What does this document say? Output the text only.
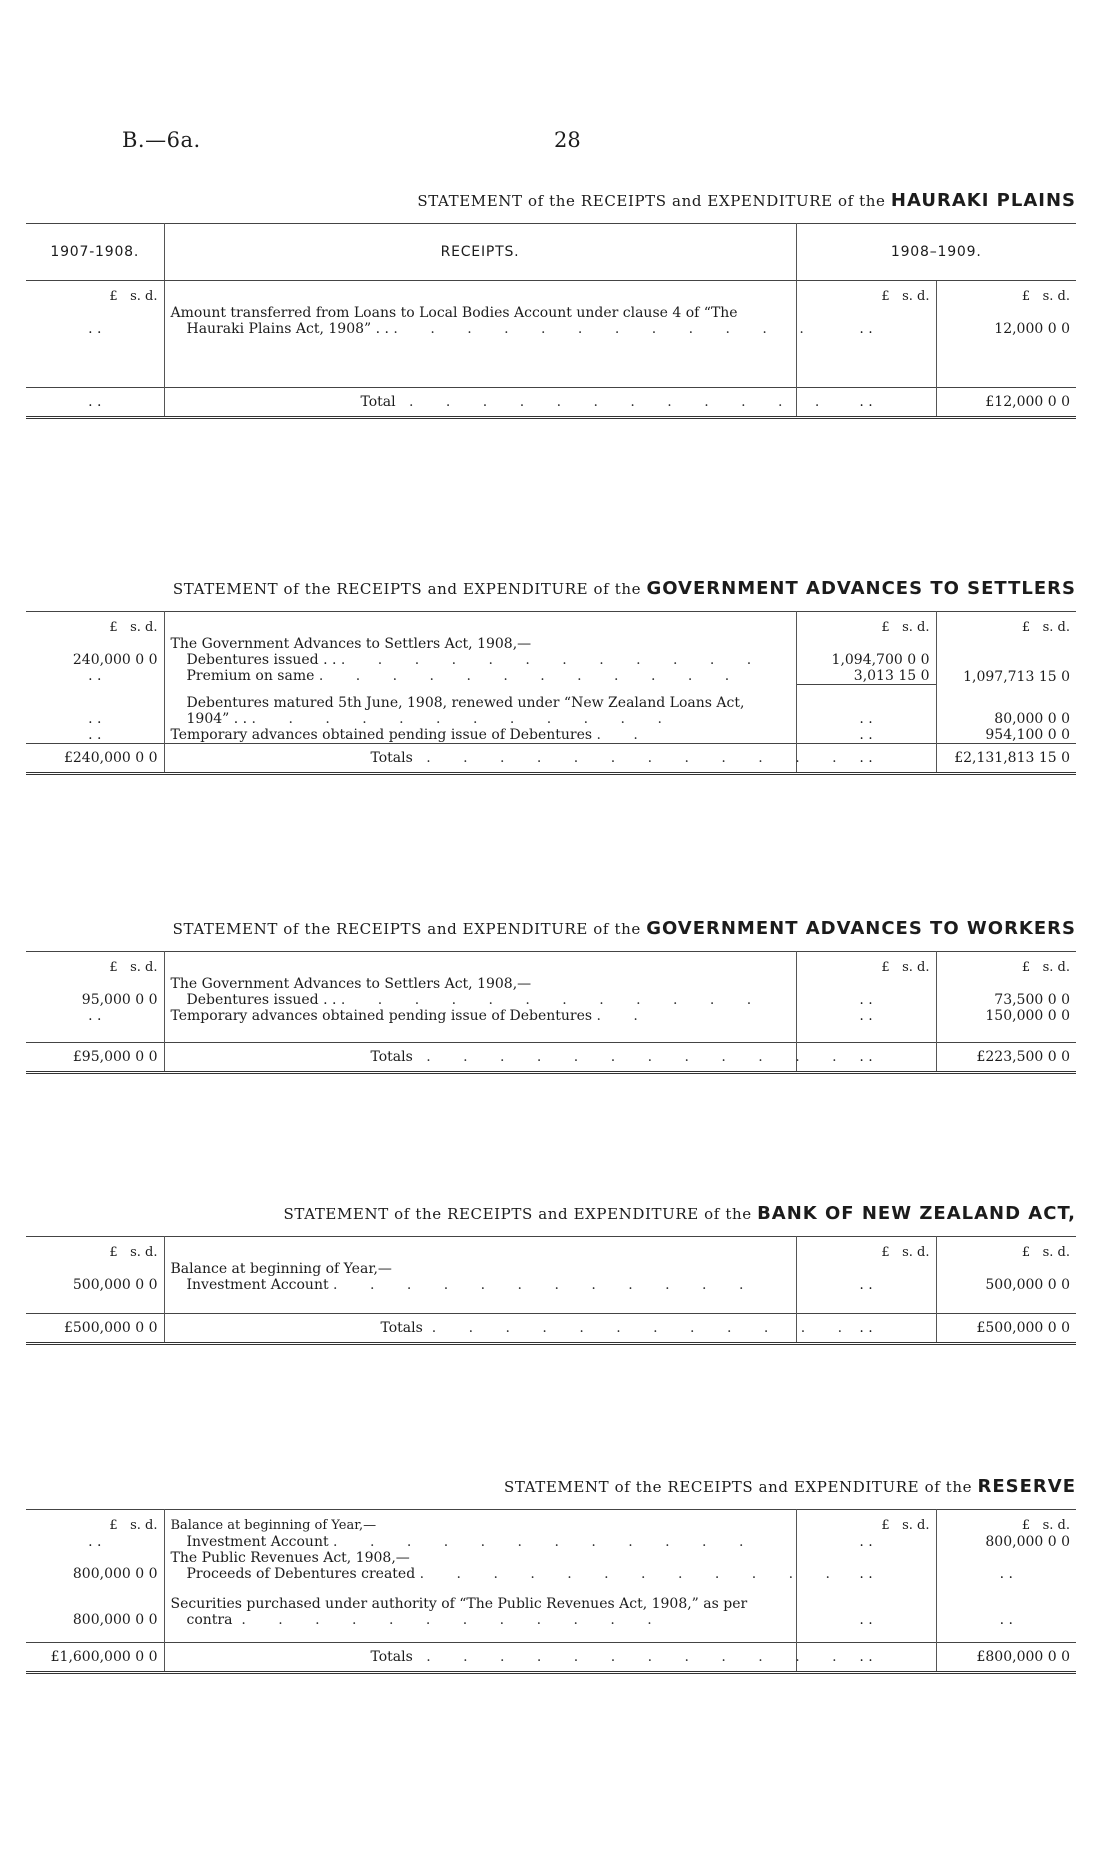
B.—6a.	28
STATEMENT of the RECEIPTS and EXPENDITURE of the HAURAKI PLAINS
1907-1908.	RECEIPTS.	1908–1909.	
£ s. d.		£ s. d.	£ s. d.
	Amount transferred from Loans to Local Bodies Account under clause 4 of “The		
. .	Hauraki Plains Act, 1908” . . . . . . . . . . . . . .	. .	12,000 0 0

. .	Total . . . . . . . . . . . .	. .	£12,000 0 0
STATEMENT of the RECEIPTS and EXPENDITURE of the GOVERNMENT ADVANCES TO SETTLERS
£ s. d.		£ s. d.	£ s. d.
	The Government Advances to Settlers Act, 1908,—		
240,000 0 0	Debentures issued . . . . . . . . . . . . . .	1,094,700 0 0	
. .	Premium on same . . . . . . . . . . . .	3,013 15 0	1,097,713 15 0
	Debentures matured 5th June, 1908, renewed under “New Zealand Loans Act,		
. .	1904” . . . . . . . . . . . . . .	. .	80,000 0 0
. .	Temporary advances obtained pending issue of Debentures . .	. .	954,100 0 0
£240,000 0 0	Totals . . . . . . . . . . . .	. .	£2,131,813 15 0
STATEMENT of the RECEIPTS and EXPENDITURE of the GOVERNMENT ADVANCES TO WORKERS
£ s. d.		£ s. d.	£ s. d.
	The Government Advances to Settlers Act, 1908,—		
95,000 0 0	Debentures issued . . . . . . . . . . . . . .	. .	73,500 0 0
. .	Temporary advances obtained pending issue of Debentures . .	. .	150,000 0 0

£95,000 0 0	Totals . . . . . . . . . . . .	. .	£223,500 0 0
STATEMENT of the RECEIPTS and EXPENDITURE of the BANK OF NEW ZEALAND ACT,
£ s. d.		£ s. d.	£ s. d.
	Balance at beginning of Year,—		
500,000 0 0	Investment Account . . . . . . . . . . . .	. .	500,000 0 0

£500,000 0 0	Totals . . . . . . . . . . . .	. .	£500,000 0 0
STATEMENT of the RECEIPTS and EXPENDITURE of the RESERVE
£ s. d.	Balance at beginning of Year,—	£ s. d.	£ s. d.
. .	Investment Account . . . . . . . . . . . .	. .	800,000 0 0
	The Public Revenues Act, 1908,—		
800,000 0 0	Proceeds of Debentures created . . . . . . . . . . . .	. .	. .
	Securities purchased under authority of “The Public Revenues Act, 1908,” as per		
800,000 0 0	contra . . . . . . . . . . . .	. .	. .

£1,600,000 0 0	Totals . . . . . . . . . . . .	. .	£800,000 0 0
